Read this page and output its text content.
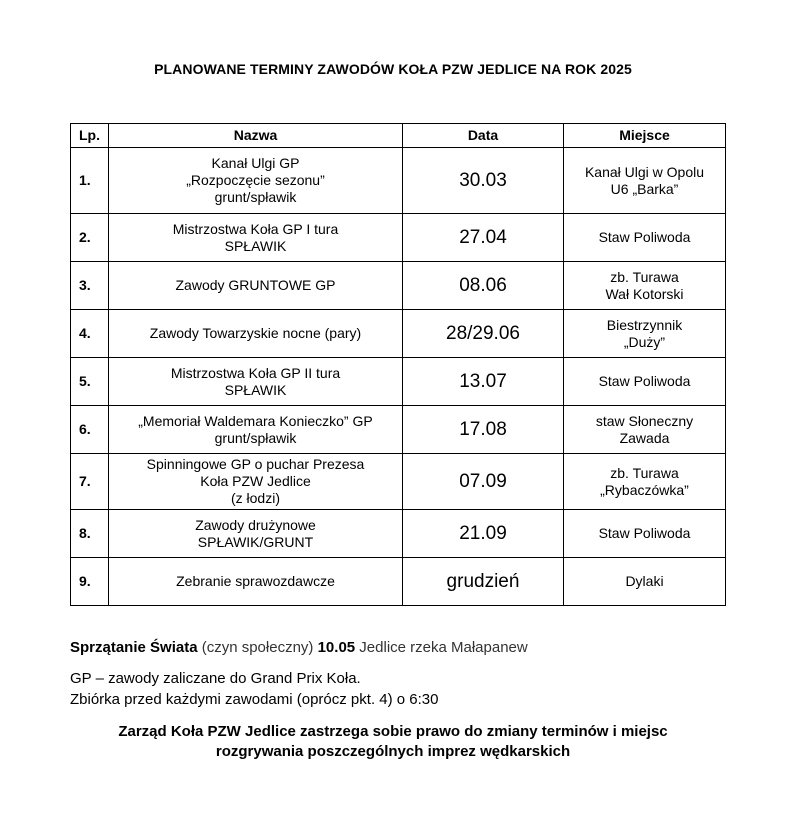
PLANOWANE TERMINY ZAWODÓW KOŁA PZW JEDLICE NA ROK 2025
Lp.	Nazwa	Data	Miejsce
1.	Kanał Ulgi GP
„Rozpoczęcie sezonu”
grunt/spławik	30.03	Kanał Ulgi w Opolu
U6 „Barka”

2.	Mistrzostwa Koła GP I tura
SPŁAWIK	27.04	Staw Poliwoda

3.	Zawody GRUNTOWE GP	08.06	zb. Turawa
Wał Kotorski

4.	Zawody Towarzyskie nocne (pary)	28/29.06	Biestrzynnik
„Duży”

5.	Mistrzostwa Koła GP II tura
SPŁAWIK	13.07	Staw Poliwoda

6.	„Memoriał Waldemara Konieczko” GP
grunt/spławik	17.08	staw Słoneczny
Zawada

7.	Spinningowe GP o puchar Prezesa
Koła PZW Jedlice
(z łodzi)	07.09	zb. Turawa
„Rybaczówka”

8.	Zawody drużynowe
SPŁAWIK/GRUNT	21.09	Staw Poliwoda

9.	Zebranie sprawozdawcze	grudzień	Dylaki
Sprzątanie Świata (czyn społeczny) 10.05 Jedlice rzeka Małapanew
GP – zawody zaliczane do Grand Prix Koła.
Zbiórka przed każdymi zawodami (oprócz pkt. 4) o 6:30
Zarząd Koła PZW Jedlice zastrzega sobie prawo do zmiany terminów i miejsc
rozgrywania poszczególnych imprez wędkarskich
